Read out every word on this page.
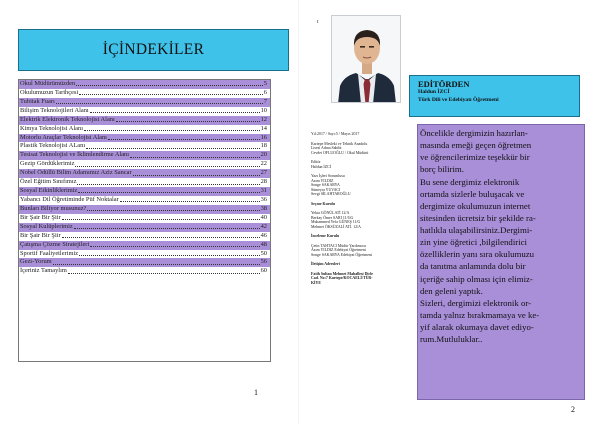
İÇİNDEKİLER
Okul Müdürümüzden	5
Okulumuzun Tarihçesi	6
Tubitak Fuarı	7
Bilişim Teknolojileri Alanı	10
Elektrik Elektronik Teknolojisi Alanı	12
Kimya Teknolojisi Alanı	14
Motorlu Araçlar Teknolojisi Alanı	16
Plastik Teknolojisi ALanı	18
Tesisat Teknolojisi ve İklimlendirme Alanı	20
Gezip Gördüklerimiz	22
Nobel Ödüllü Bilim Adamımız Aziz Sancar	27
Özel Eğitim Sınıfımız	28
Sosyal Etkinliklerimiz	31
Yabancı Dil Öğretiminde Püf Noktalar	36
Bunları Biliyor musunuz?	38
Bir Şair Bir Şiir	40
Sosyal Kulüplerimiz	42
Bir Şair Bir Şiir	46
Çatışma Çözme Stratejileri	48
Sportif Faaliyetlerimiz	50
Gezi-Yorum	56
İçeriniz Tamaylım	60
1
t
EDİTÖRDEN
Haldun İZCİ
Türk Dili ve Edebiyatı Öğretmeni
Yıl:2017 / Sayı:5 / Mayıs 2017
Kartepe Mesleki ve Teknik Anadolu
Lisesi Adına Sahibi
Cevdet OFLUOĞLU / Okul Müdürü
Editör
Haldun İZCİ
Yazı İşleri Sorumlusu
Azım YILDIZ
Songe SAKARYA
Sümeyra YUVACI
Sevgi SİLAHTAROĞLU
Seçme Kurulu
Yekta GÖNÜLATİ 12/A
Berkay Ömer SARI 11/GG
Muhammed Yefa GÜNEŞ 11/G
Mehmet ÖKSÜZALİ ATİ. 12/A
İnceleme Kurulu
Çetin TAHTACI Müdür Yardımcısı
Azım YILDIZ Edebiyat Öğretmeni
Songe SAKARYA Edebiyat Öğretmeni
İletişim Adresleri
Fatih Sultan Mehmet Mahallesi Dicle
Cad. No:7 Kartepe/KOCAELİ/TÜR-
KİYE
Öncelikle dergimizin hazırlan-
masında emeği geçen öğretmen
ve öğrencilerimize teşekkür bir
borç bilirim.
Bu sene dergimiz elektronik
ortamda sizlerle buluşacak ve
dergimize okulumuzun internet
sitesinden ücretsiz bir şekilde ra-
hatlıkla ulaşabilirsiniz.Dergimi-
zin yine öğretici ,bilgilendirici
özelliklerin yanı sıra okulumuzu
da tanıtma anlamında dolu bir
içeriğe sahip olması için elimiz-
den geleni yaptık.
Sizleri, dergimizi elektronik or-
tamda yalnız bırakmamaya ve ke-
yif alarak okumaya davet ediyo-
rum.Mutluluklar..
2
